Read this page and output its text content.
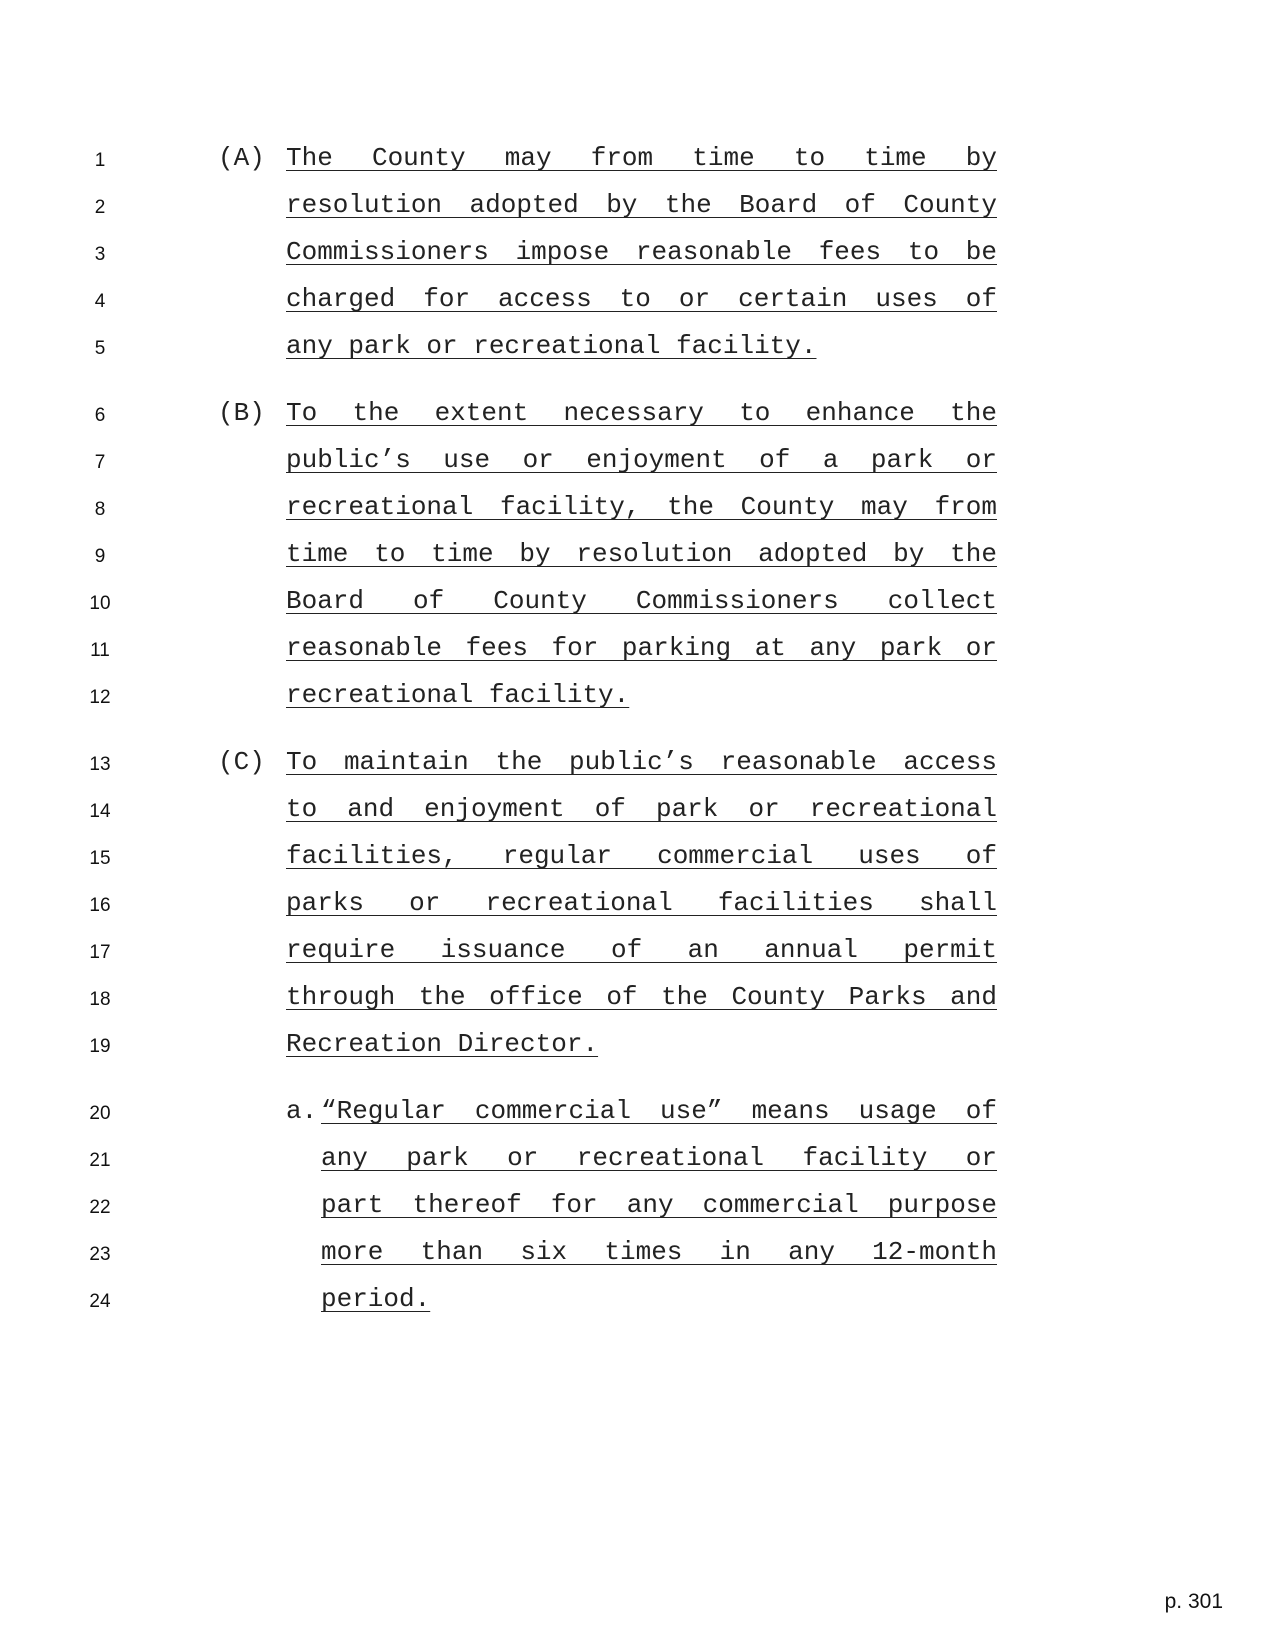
1
2
3
4
5
6
7
8
9
10
11
12
13
14
15
16
17
18
19
20
21
22
23
24
(A) The County may from time to time by
resolution adopted by the Board of County
Commissioners impose reasonable fees to be
charged for access to or certain uses of
any park or recreational facility.
(B) To the extent necessary to enhance the
public’s use or enjoyment of a park or
recreational facility, the County may from
time to time by resolution adopted by the
Board of County Commissioners collect
reasonable fees for parking at any park or
recreational facility.
(C) To maintain the public’s reasonable access
to and enjoyment of park or recreational
facilities, regular commercial uses of
parks or recreational facilities shall
require issuance of an annual permit
through the office of the County Parks and
Recreation Director.
a. “Regular commercial use” means usage of
any park or recreational facility or
part thereof for any commercial purpose
more than six times in any 12-month
period.
p. 301
